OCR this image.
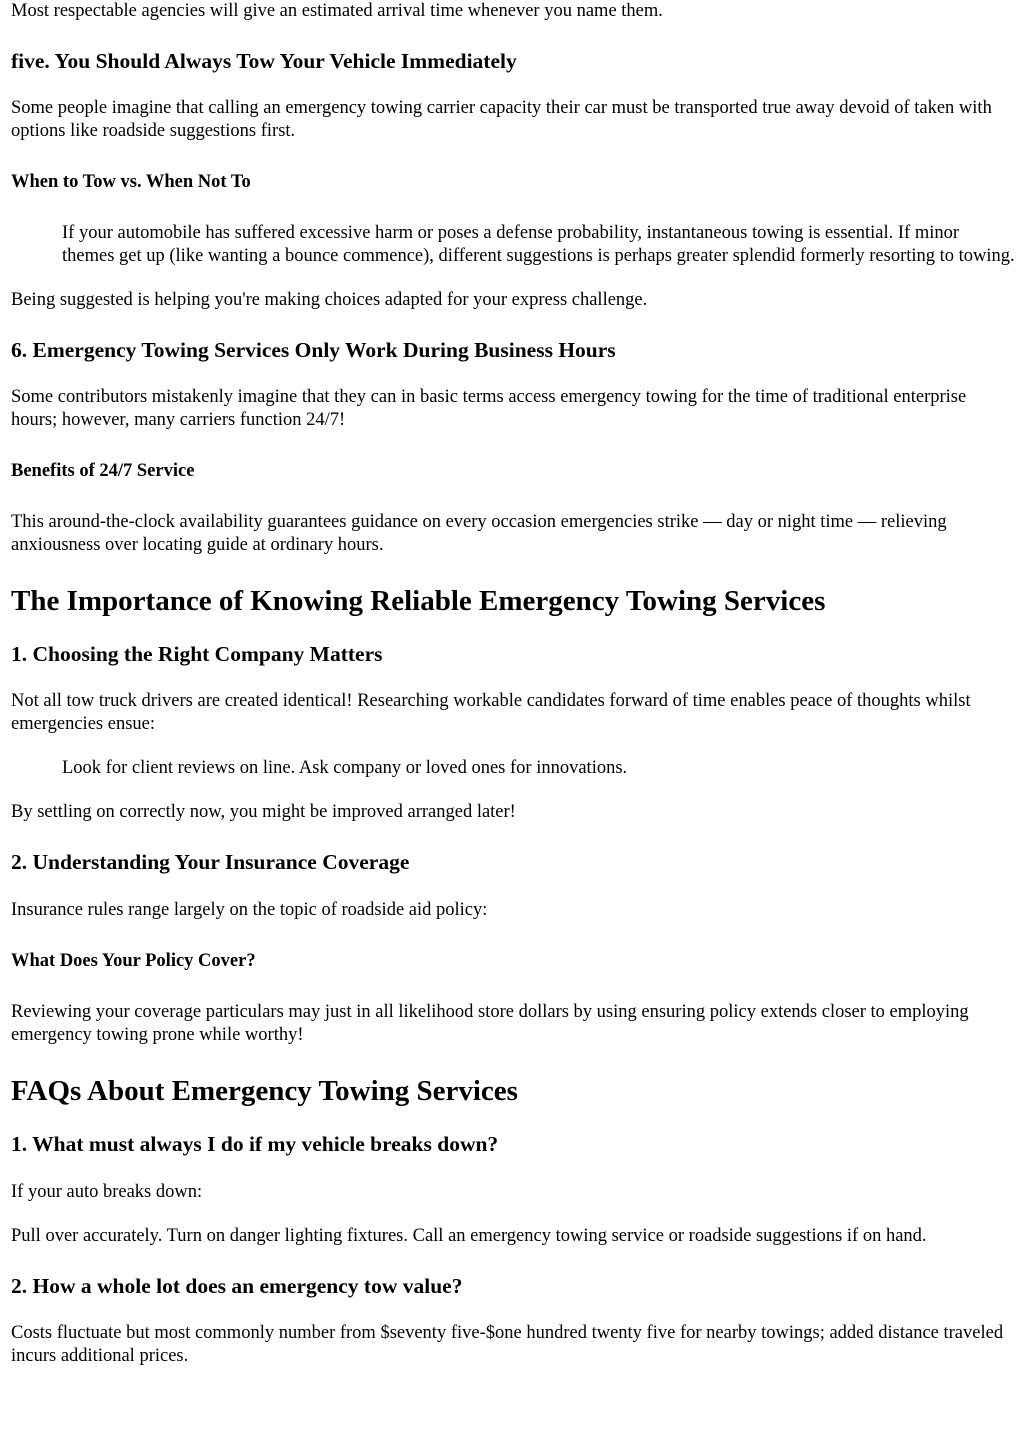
Most respectable agencies will give an estimated arrival time whenever you name them.

five. You Should Always Tow Your Vehicle Immediately

Some people imagine that calling an emergency towing carrier capacity their car must be transported true away devoid of taken with options like roadside suggestions first.

When to Tow vs. When Not To
If your automobile has suffered excessive harm or poses a defense probability, instantaneous towing is essential. If minor themes get up (like wanting a bounce commence), different suggestions is perhaps greater splendid formerly resorting to towing.

Being suggested is helping you're making choices adapted for your express challenge.

6. Emergency Towing Services Only Work During Business Hours

Some contributors mistakenly imagine that they can in basic terms access emergency towing for the time of traditional enterprise hours; however, many carriers function 24/7!

Benefits of 24/7 Service

This around-the-clock availability guarantees guidance on every occasion emergencies strike — day or night time — relieving anxiousness over locating guide at ordinary hours.

The Importance of Knowing Reliable Emergency Towing Services
1. Choosing the Right Company Matters

Not all tow truck drivers are created identical! Researching workable candidates forward of time enables peace of thoughts whilst emergencies ensue:

Look for client reviews on line. Ask company or loved ones for innovations.

By settling on correctly now, you might be improved arranged later!

2. Understanding Your Insurance Coverage

Insurance rules range largely on the topic of roadside aid policy:

What Does Your Policy Cover?

Reviewing your coverage particulars may just in all likelihood store dollars by using ensuring policy extends closer to employing emergency towing prone while worthy!

FAQs About Emergency Towing Services
1. What must always I do if my vehicle breaks down?

If your auto breaks down:

Pull over accurately. Turn on danger lighting fixtures. Call an emergency towing service or roadside suggestions if on hand.

2. How a whole lot does an emergency tow value?

Costs fluctuate but most commonly number from $seventy five-$one hundred twenty five for nearby towings; added distance traveled incurs additional prices.
